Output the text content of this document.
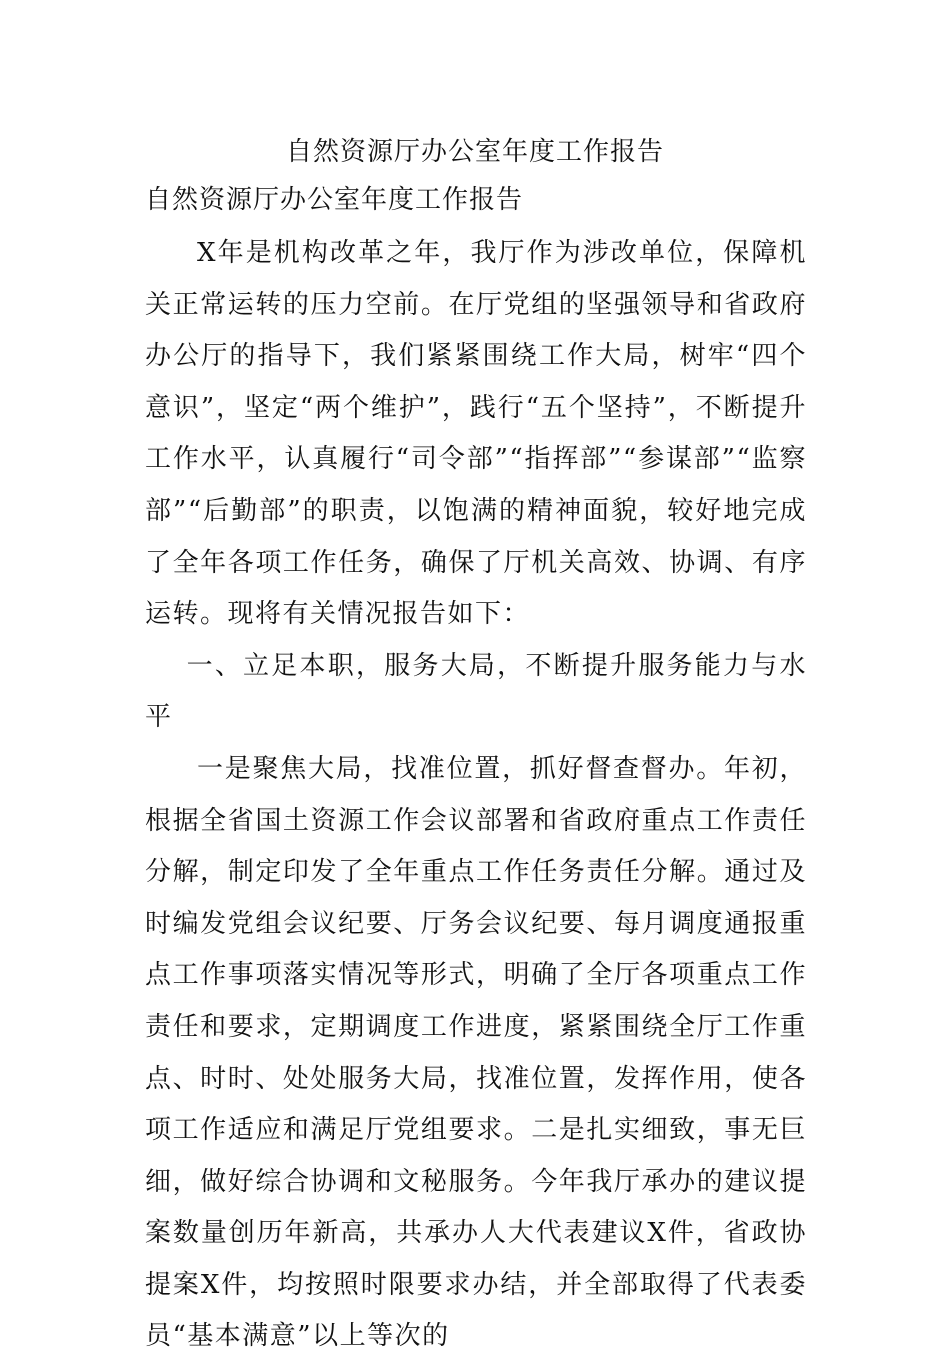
自然资源厅办公室年度工作报告
自然资源厅办公室年度工作报告

X年是机构改革之年，我厅作为涉改单位，保障机关正常运转的压力空前。在厅党组的坚强领导和省政府办公厅的指导下，我们紧紧围绕工作大局，树牢“四个意识”，坚定“两个维护”，践行“五个坚持”，不断提升工作水平，认真履行“司令部”“指挥部”“参谋部”“监察部”“后勤部”的职责，以饱满的精神面貌，较好地完成了全年各项工作任务，确保了厅机关高效、协调、有序运转。现将有关情况报告如下：

一、立足本职，服务大局，不断提升服务能力与水平

一是聚焦大局，找准位置，抓好督查督办。年初，根据全省国土资源工作会议部署和省政府重点工作责任分解，制定印发了全年重点工作任务责任分解。通过及时编发党组会议纪要、厅务会议纪要、每月调度通报重点工作事项落实情况等形式，明确了全厅各项重点工作责任和要求，定期调度工作进度，紧紧围绕全厅工作重点、时时、处处服务大局，找准位置，发挥作用，使各项工作适应和满足厅党组要求。二是扎实细致，事无巨细，做好综合协调和文秘服务。今年我厅承办的建议提案数量创历年新高，共承办人大代表建议X件，省政协提案X件，均按照时限要求办结，并全部取得了代表委员“基本满意”以上等次的
